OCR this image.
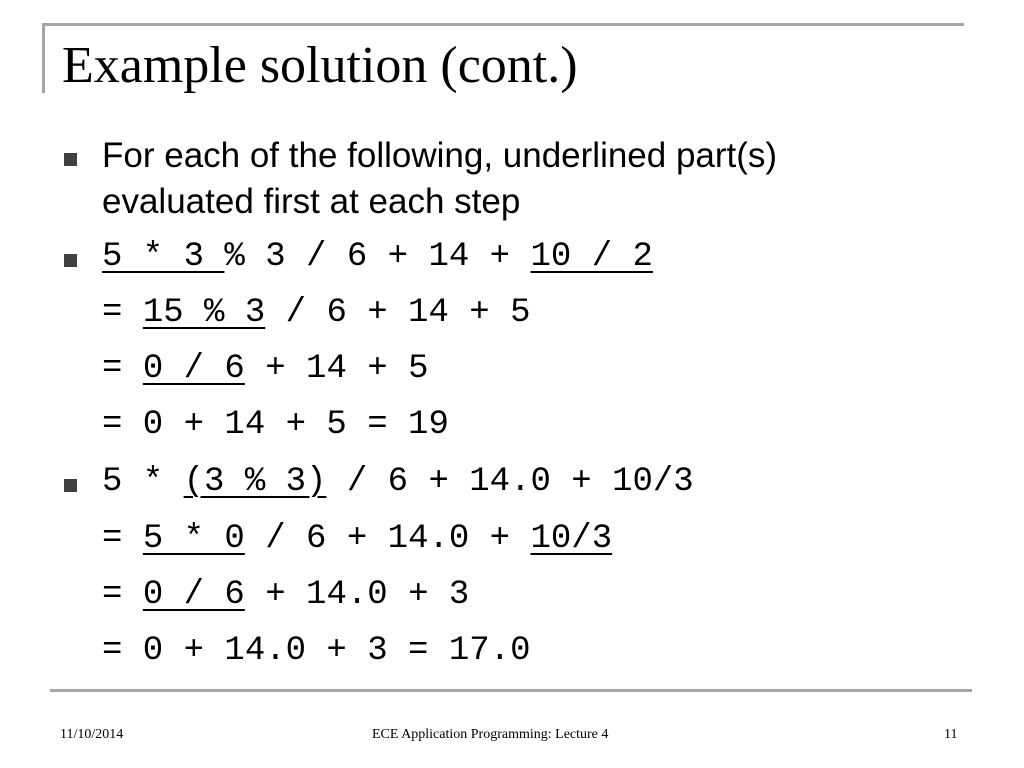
Example solution (cont.)

For each of the following, underlined part(s)

evaluated first at each step

5 * 3 % 3 / 6 + 14 + 10 / 2

= 15 % 3 / 6 + 14 + 5

= 0 / 6 + 14 + 5

= 0 + 14 + 5 = 19

5 * (3 % 3) / 6 + 14.0 + 10/3

= 5 * 0 / 6 + 14.0 + 10/3

= 0 / 6 + 14.0 + 3

= 0 + 14.0 + 3 = 17.0

11/10/2014	ECE Application Programming: Lecture 4	11
